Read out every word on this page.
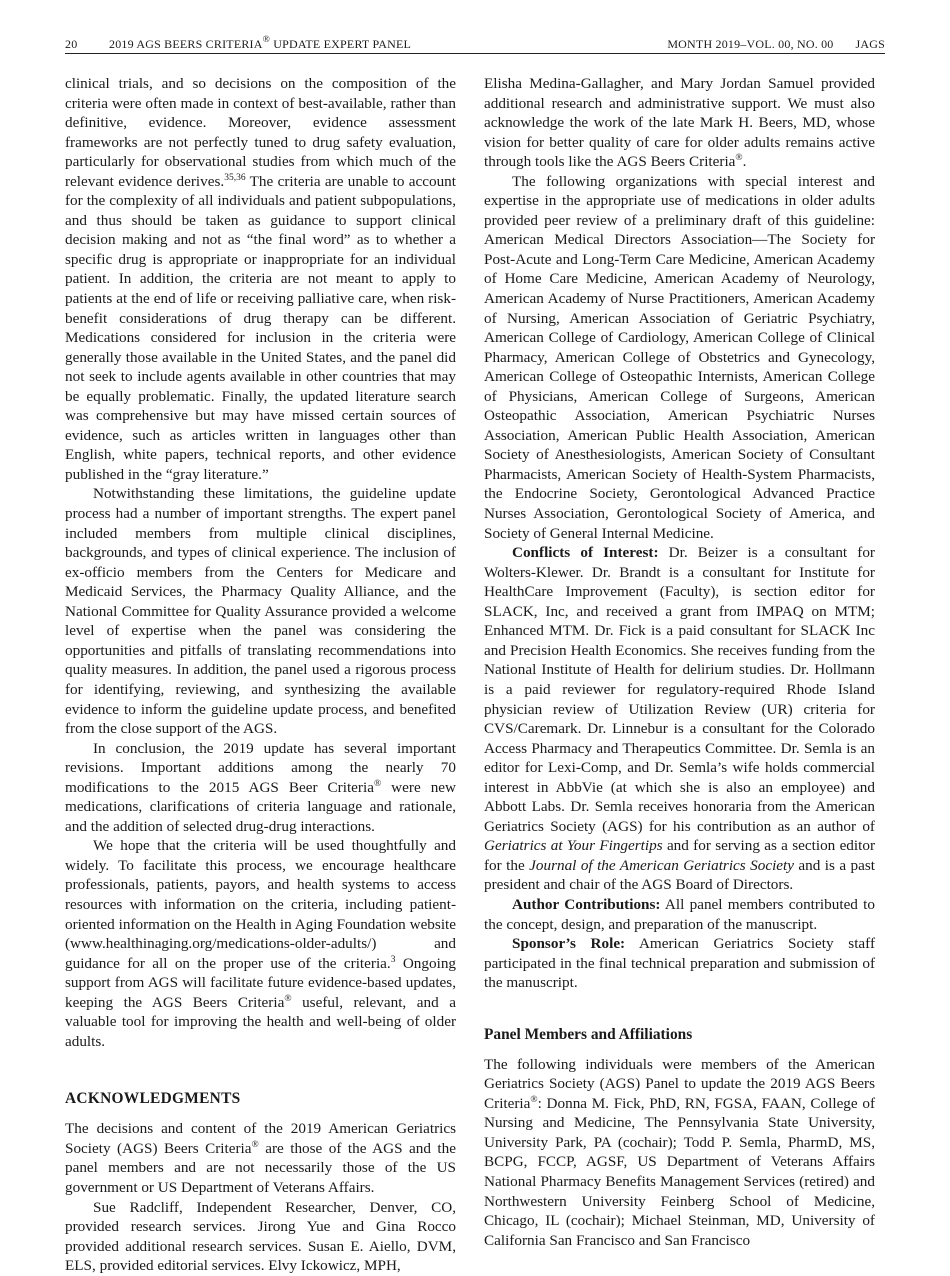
20	2019 AGS BEERS CRITERIA® UPDATE EXPERT PANEL	MONTH 2019–VOL. 00, NO. 00 JAGS

clinical trials, and so decisions on the composition of the criteria were often made in context of best-available, rather than definitive, evidence. Moreover, evidence assessment frameworks are not perfectly tuned to drug safety evaluation, particularly for observational studies from which much of the relevant evidence derives.$^{35,36}$ The criteria are unable to account for the complexity of all individuals and patient subpopulations, and thus should be taken as guidance to support clinical decision making and not as “the final word” as to whether a specific drug is appropriate or inappropriate for an individual patient. In addition, the criteria are not meant to apply to patients at the end of life or receiving palliative care, when risk-benefit considerations of drug therapy can be different. Medications considered for inclusion in the criteria were generally those available in the United States, and the panel did not seek to include agents available in other countries that may be equally problematic. Finally, the updated literature search was comprehensive but may have missed certain sources of evidence, such as articles written in languages other than English, white papers, technical reports, and other evidence published in the “gray literature.”

Notwithstanding these limitations, the guideline update process had a number of important strengths. The expert panel included members from multiple clinical disciplines, backgrounds, and types of clinical experience. The inclusion of ex-officio members from the Centers for Medicare and Medicaid Services, the Pharmacy Quality Alliance, and the National Committee for Quality Assurance provided a welcome level of expertise when the panel was considering the opportunities and pitfalls of translating recommendations into quality measures. In addition, the panel used a rigorous process for identifying, reviewing, and synthesizing the available evidence to inform the guideline update process, and benefited from the close support of the AGS.

In conclusion, the 2019 update has several important revisions. Important additions among the nearly 70 modifications to the 2015 AGS Beer Criteria® were new medications, clarifications of criteria language and rationale, and the addition of selected drug-drug interactions.

We hope that the criteria will be used thoughtfully and widely. To facilitate this process, we encourage healthcare professionals, patients, payors, and health systems to access resources with information on the criteria, including patient-oriented information on the Health in Aging Foundation website (www.healthinaging.org/medications-older-adults/) and guidance for all on the proper use of the criteria.$^3$ Ongoing support from AGS will facilitate future evidence-based updates, keeping the AGS Beers Criteria® useful, relevant, and a valuable tool for improving the health and well-being of older adults.

ACKNOWLEDGMENTS

The decisions and content of the 2019 American Geriatrics Society (AGS) Beers Criteria® are those of the AGS and the panel members and are not necessarily those of the US government or US Department of Veterans Affairs.

Sue Radcliff, Independent Researcher, Denver, CO, provided research services. Jirong Yue and Gina Rocco provided additional research services. Susan E. Aiello, DVM, ELS, provided editorial services. Elvy Ickowicz, MPH,

Elisha Medina-Gallagher, and Mary Jordan Samuel provided additional research and administrative support. We must also acknowledge the work of the late Mark H. Beers, MD, whose vision for better quality of care for older adults remains active through tools like the AGS Beers Criteria®.

The following organizations with special interest and expertise in the appropriate use of medications in older adults provided peer review of a preliminary draft of this guideline: American Medical Directors Association—The Society for Post-Acute and Long-Term Care Medicine, American Academy of Home Care Medicine, American Academy of Neurology, American Academy of Nurse Practitioners, American Academy of Nursing, American Association of Geriatric Psychiatry, American College of Cardiology, American College of Clinical Pharmacy, American College of Obstetrics and Gynecology, American College of Osteopathic Internists, American College of Physicians, American College of Surgeons, American Osteopathic Association, American Psychiatric Nurses Association, American Public Health Association, American Society of Anesthesiologists, American Society of Consultant Pharmacists, American Society of Health-System Pharmacists, the Endocrine Society, Gerontological Advanced Practice Nurses Association, Gerontological Society of America, and Society of General Internal Medicine.

Conflicts of Interest: Dr. Beizer is a consultant for Wolters-Klewer. Dr. Brandt is a consultant for Institute for HealthCare Improvement (Faculty), is section editor for SLACK, Inc, and received a grant from IMPAQ on MTM; Enhanced MTM. Dr. Fick is a paid consultant for SLACK Inc and Precision Health Economics. She receives funding from the National Institute of Health for delirium studies. Dr. Hollmann is a paid reviewer for regulatory-required Rhode Island physician review of Utilization Review (UR) criteria for CVS/Caremark. Dr. Linnebur is a consultant for the Colorado Access Pharmacy and Therapeutics Committee. Dr. Semla is an editor for Lexi-Comp, and Dr. Semla’s wife holds commercial interest in AbbVie (at which she is also an employee) and Abbott Labs. Dr. Semla receives honoraria from the American Geriatrics Society (AGS) for his contribution as an author of Geriatrics at Your Fingertips and for serving as a section editor for the Journal of the American Geriatrics Society and is a past president and chair of the AGS Board of Directors.

Author Contributions: All panel members contributed to the concept, design, and preparation of the manuscript.

Sponsor’s Role: American Geriatrics Society staff participated in the final technical preparation and submission of the manuscript.

Panel Members and Affiliations

The following individuals were members of the American Geriatrics Society (AGS) Panel to update the 2019 AGS Beers Criteria®: Donna M. Fick, PhD, RN, FGSA, FAAN, College of Nursing and Medicine, The Pennsylvania State University, University Park, PA (cochair); Todd P. Semla, PharmD, MS, BCPG, FCCP, AGSF, US Department of Veterans Affairs National Pharmacy Benefits Management Services (retired) and Northwestern University Feinberg School of Medicine, Chicago, IL (cochair); Michael Steinman, MD, University of California San Francisco and San Francisco
